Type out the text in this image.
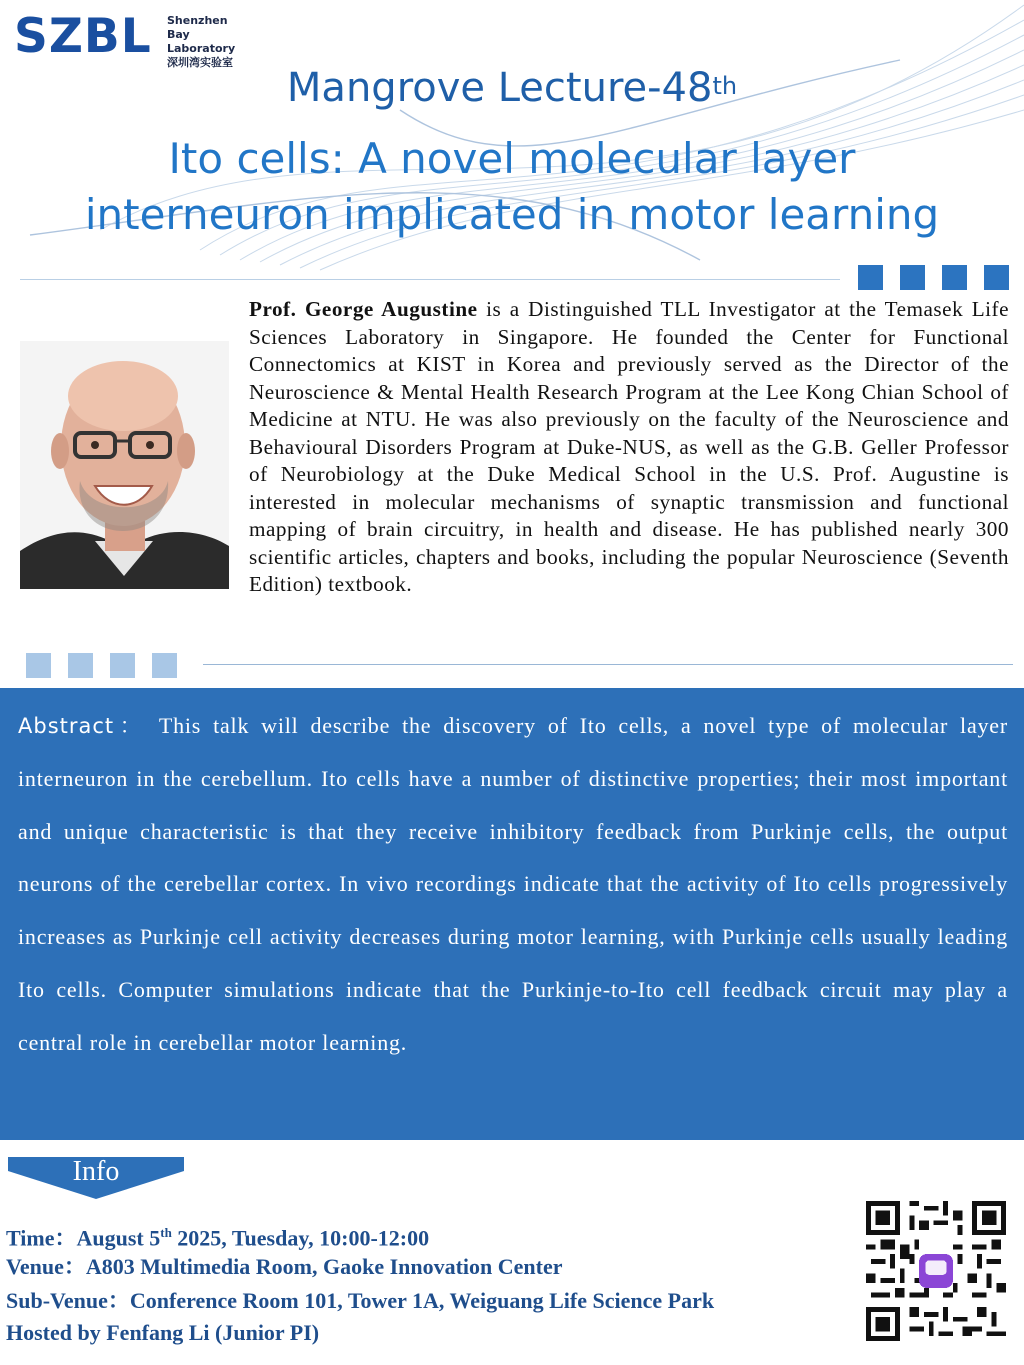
SZBL Shenzhen Bay
Laboratory
深圳湾实验室
Mangrove Lecture-48th
Ito cells: A novel molecular layer
interneuron implicated in motor learning
Prof. George Augustine is a Distinguished TLL Investigator at the Temasek Life Sciences Laboratory in Singapore. He founded the Center for Functional Connectomics at KIST in Korea and previously served as the Director of the Neuroscience & Mental Health Research Program at the Lee Kong Chian School of Medicine at NTU. He was also previously on the faculty of the Neuroscience and Behavioural Disorders Program at Duke-NUS, as well as the G.B. Geller Professor of Neurobiology at the Duke Medical School in the U.S. Prof. Augustine is interested in molecular mechanisms of synaptic transmission and functional mapping of brain circuitry, in health and disease. He has published nearly 300 scientific articles, chapters and books, including the popular Neuroscience (Seventh Edition) textbook.
Abstract： This talk will describe the discovery of Ito cells, a novel type of molecular layer interneuron in the cerebellum. Ito cells have a number of distinctive properties; their most important and unique characteristic is that they receive inhibitory feedback from Purkinje cells, the output neurons of the cerebellar cortex. In vivo recordings indicate that the activity of Ito cells progressively increases as Purkinje cell activity decreases during motor learning, with Purkinje cells usually leading Ito cells. Computer simulations indicate that the Purkinje-to-Ito cell feedback circuit may play a central role in cerebellar motor learning.
Info
Time：August 5th 2025, Tuesday, 10:00-12:00
Venue：A803 Multimedia Room, Gaoke Innovation Center
Sub-Venue：Conference Room 101, Tower 1A, Weiguang Life Science Park
Hosted by Fenfang Li (Junior PI)
